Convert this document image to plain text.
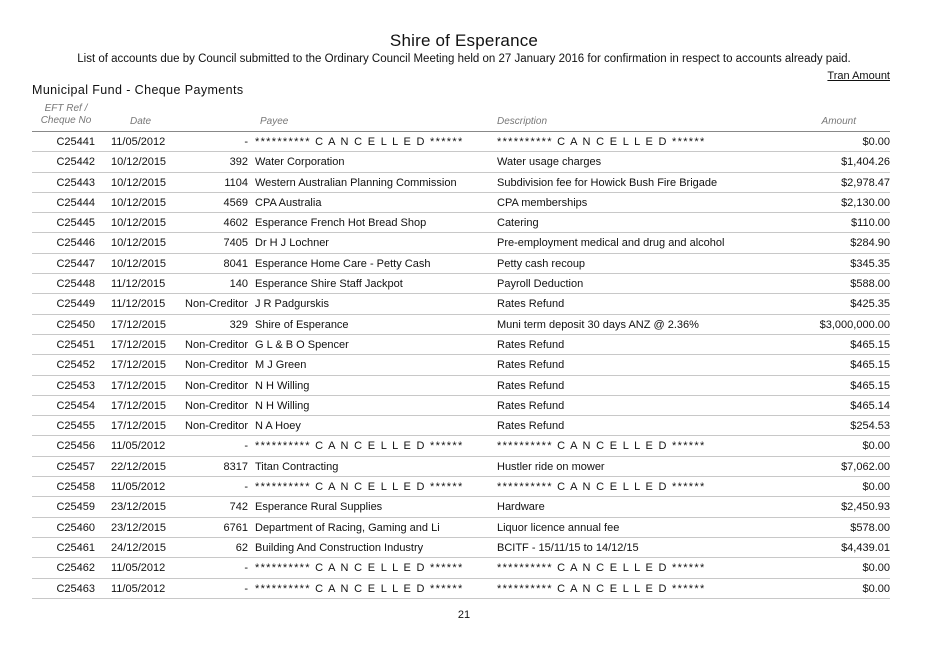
Shire of Esperance
List of accounts due by Council submitted to the Ordinary Council Meeting held on 27 January 2016 for confirmation in respect to accounts already paid.
Tran Amount
Municipal Fund - Cheque Payments
EFT Ref /
Cheque No	Date	Payee	Description	Amount
C25441 11/05/2012	- ********** C A N C E L L E D ******	********** C A N C E L L E D ******	$0.00
C25442 10/12/2015	392 Water Corporation	Water usage charges	$1,404.26
C25443 10/12/2015	1104 Western Australian Planning Commission	Subdivision fee for Howick Bush Fire Brigade	$2,978.47
C25444 10/12/2015	4569 CPA Australia	CPA memberships	$2,130.00
C25445 10/12/2015	4602 Esperance French Hot Bread Shop	Catering	$110.00
C25446 10/12/2015	7405 Dr H J Lochner	Pre-employment medical and drug and alcohol	$284.90
C25447 10/12/2015	8041 Esperance Home Care - Petty Cash	Petty cash recoup	$345.35
C25448 11/12/2015	140 Esperance Shire Staff Jackpot	Payroll Deduction	$588.00
C25449 11/12/2015	Non-Creditor J R Padgurskis	Rates Refund	$425.35
C25450 17/12/2015	329 Shire of Esperance	Muni term deposit 30 days ANZ @ 2.36%	$3,000,000.00
C25451 17/12/2015	Non-Creditor G L & B O Spencer	Rates Refund	$465.15
C25452 17/12/2015	Non-Creditor M J Green	Rates Refund	$465.15
C25453 17/12/2015	Non-Creditor N H Willing	Rates Refund	$465.15
C25454 17/12/2015	Non-Creditor N H Willing	Rates Refund	$465.14
C25455 17/12/2015	Non-Creditor N A Hoey	Rates Refund	$254.53
C25456 11/05/2012	- ********** C A N C E L L E D ******	********** C A N C E L L E D ******	$0.00
C25457 22/12/2015	8317 Titan Contracting	Hustler ride on mower	$7,062.00
C25458 11/05/2012	- ********** C A N C E L L E D ******	********** C A N C E L L E D ******	$0.00
C25459 23/12/2015	742 Esperance Rural Supplies	Hardware	$2,450.93
C25460 23/12/2015	6761 Department of Racing, Gaming and Li	Liquor licence annual fee	$578.00
C25461 24/12/2015	62 Building And Construction Industry	BCITF - 15/11/15 to 14/12/15	$4,439.01
C25462 11/05/2012	- ********** C A N C E L L E D ******	********** C A N C E L L E D ******	$0.00
C25463 11/05/2012	- ********** C A N C E L L E D ******	********** C A N C E L L E D ******	$0.00
21
